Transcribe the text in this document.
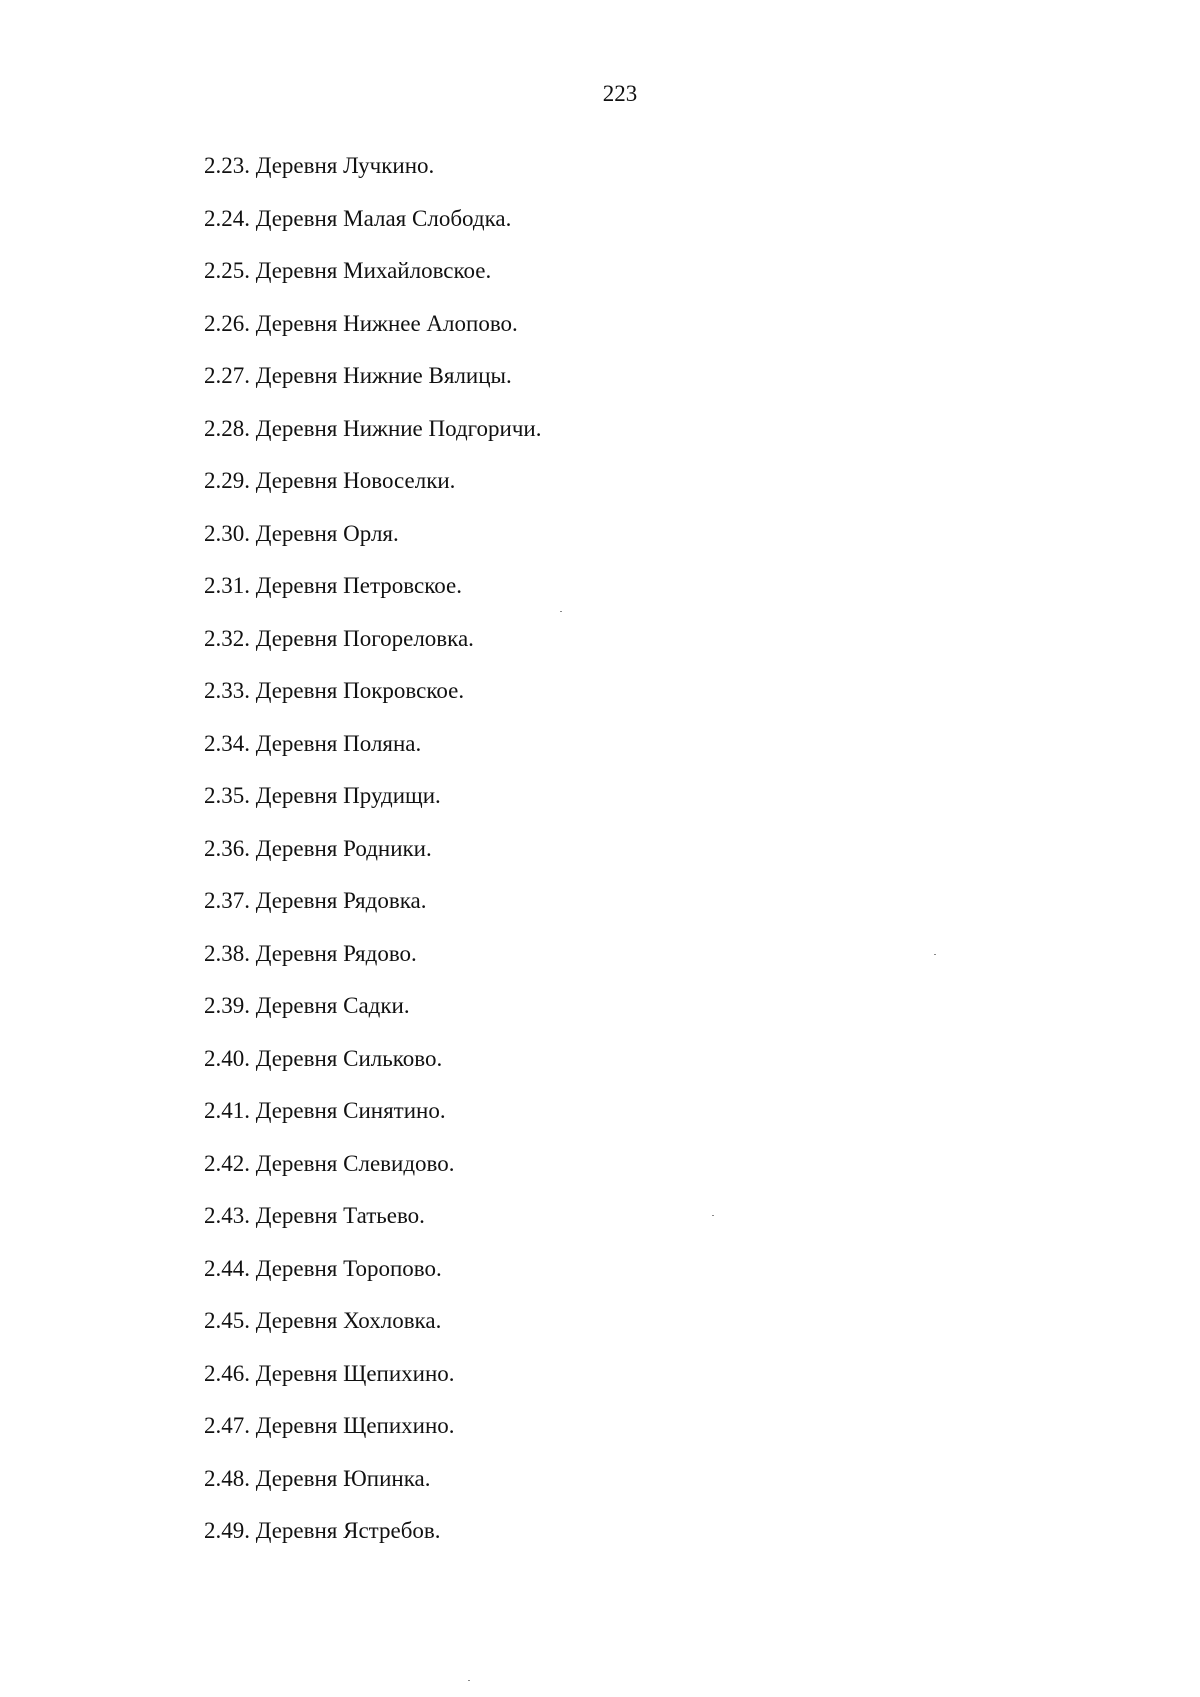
223
2.23. Деревня Лучкино.
2.24. Деревня Малая Слободка.
2.25. Деревня Михайловское.
2.26. Деревня Нижнее Алопово.
2.27. Деревня Нижние Вялицы.
2.28. Деревня Нижние Подгоричи.
2.29. Деревня Новоселки.
2.30. Деревня Орля.
2.31. Деревня Петровское.
2.32. Деревня Погореловка.
2.33. Деревня Покровское.
2.34. Деревня Поляна.
2.35. Деревня Прудищи.
2.36. Деревня Родники.
2.37. Деревня Рядовка.
2.38. Деревня Рядово.
2.39. Деревня Садки.
2.40. Деревня Сильково.
2.41. Деревня Синятино.
2.42. Деревня Слевидово.
2.43. Деревня Татьево.
2.44. Деревня Торопово.
2.45. Деревня Хохловка.
2.46. Деревня Щепихино.
2.47. Деревня Щепихино.
2.48. Деревня Юпинка.
2.49. Деревня Ястребов.
